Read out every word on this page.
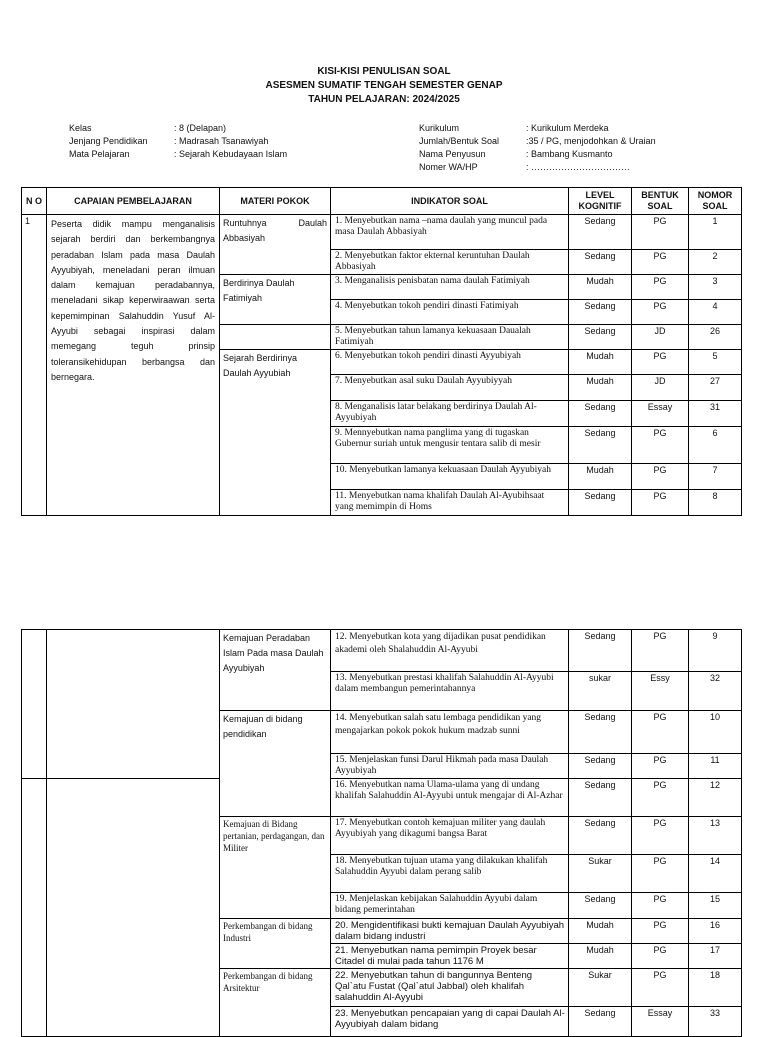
KISI-KISI PENULISAN SOAL
ASESMEN SUMATIF TENGAH SEMESTER GENAP
TAHUN PELAJARAN: 2024/2025
Kelas	: 8 (Delapan)
Jenjang Pendidikan	: Madrasah Tsanawiyah
Mata Pelajaran	: Sejarah Kebudayaan Islam
Kurikulum	: Kurikulum Merdeka
Jumlah/Bentuk Soal	:35 / PG, menjodohkan & Uraian
Nama Penyusun	: Bambang Kusmanto
Nomer WA/HP	: ……………………………
N O	CAPAIAN PEMBELAJARAN	MATERI POKOK	INDIKATOR SOAL	LEVEL KOGNITIF	BENTUK SOAL	NOMOR SOAL
1	Peserta didik mampu menganalisis sejarah berdiri dan berkembangnya peradaban Islam pada masa Daulah Ayyubiyah, meneladani peran ilmuan dalam kemajuan peradabannya, meneladani sikap keperwiraawan serta kepemimpinan Salahuddin Yusuf Al-Ayyubi sebagai inspirasi dalam memegang teguh prinsip toleransikehidupan berbangsa dan bernegara.	Runtuhnya Daulah Abbasiyah	1. Menyebutkan nama –nama daulah yang muncul pada masa Daulah Abbasiyah	Sedang	PG	1
			2. Menyebutkan faktor ekternal keruntuhan Daulah Abbasiyah	Sedang	PG	2
		Berdirinya Daulah Fatimiyah	3. Menganalisis penisbatan nama daulah Fatimiyah	Mudah	PG	3
			4. Menyebutkan tokoh pendiri dinasti Fatimiyah	Sedang	PG	4
			5. Menyebutkan tahun lamanya kekuasaan Daualah Fatimiyah	Sedang	JD	26
		Sejarah Berdirinya Daulah Ayyubiah	6. Menyebutkan tokoh pendiri dinasti Ayyubiyah	Mudah	PG	5
			7. Menyebutkan asal suku Daulah Ayyubiyyah	Mudah	JD	27
			8. Menganalisis latar belakang berdirinya Daulah Al-Ayyubiyah	Sedang	Essay	31
			9. Mennyebutkan nama panglima yang di tugaskan Gubernur suriah untuk mengusir tentara salib di mesir	Sedang	PG	6
			10. Menyebutkan lamanya kekuasaan Daulah Ayyubiyah	Mudah	PG	7
			11. Menyebutkan nama khalifah Daulah Al-Ayubihsaat yang memimpin di Homs	Sedang	PG	8
		Kemajuan Peradaban Islam Pada masa Daulah Ayyubiyah	12. Menyebutkan kota yang dijadikan pusat pendidikan akademi oleh Shalahuddin Al-Ayyubi	Sedang	PG	9
			13. Menyebutkan prestasi khalifah Salahuddin Al-Ayyubi dalam membangun pemerintahannya	sukar	Essy	32
		Kemajuan di bidang pendidikan	14. Menyebutkan salah satu lembaga pendidikan yang mengajarkan pokok pokok hukum madzab sunni	Sedang	PG	10
			15. Menjelaskan funsi Darul Hikmah pada masa Daulah Ayyubiyah	Sedang	PG	11
			16. Menyebutkan nama Ulama-ulama yang di undang khalifah Salahuddin Al-Ayyubi untuk mengajar di Al-Azhar	Sedang	PG	12
		Kemajuan di Bidang pertanian, perdagangan, dan Militer	17. Menyebutkan contoh kemajuan militer yang daulah Ayyubiyah yang dikagumi bangsa Barat	Sedang	PG	13
			18. Menyebutkan tujuan utama yang dilakukan khalifah Salahuddin Ayyubi dalam perang salib	Sukar	PG	14
			19. Menjelaskan kebijakan Salahuddin Ayyubi dalam bidang pemerintahan	Sedang	PG	15
		Perkembangan di bidang Industri	20. Mengidentifikasi bukti kemajuan Daulah Ayyubiyah dalam bidang industri	Mudah	PG	16
			21. Menyebutkan nama pemimpin Proyek besar Citadel di mulai pada tahun 1176 M	Mudah	PG	17
		Perkembangan di bidang Arsitektur	22. Menyebutkan tahun di bangunnya Benteng Qal`atu Fustat (Qal`atul Jabbal) oleh khalifah salahuddin Al-Ayyubi	Sukar	PG	18
			23. Menyebutkan pencapaian yang di capai Daulah Al-Ayyubiyah dalam bidang	Sedang	Essay	33
